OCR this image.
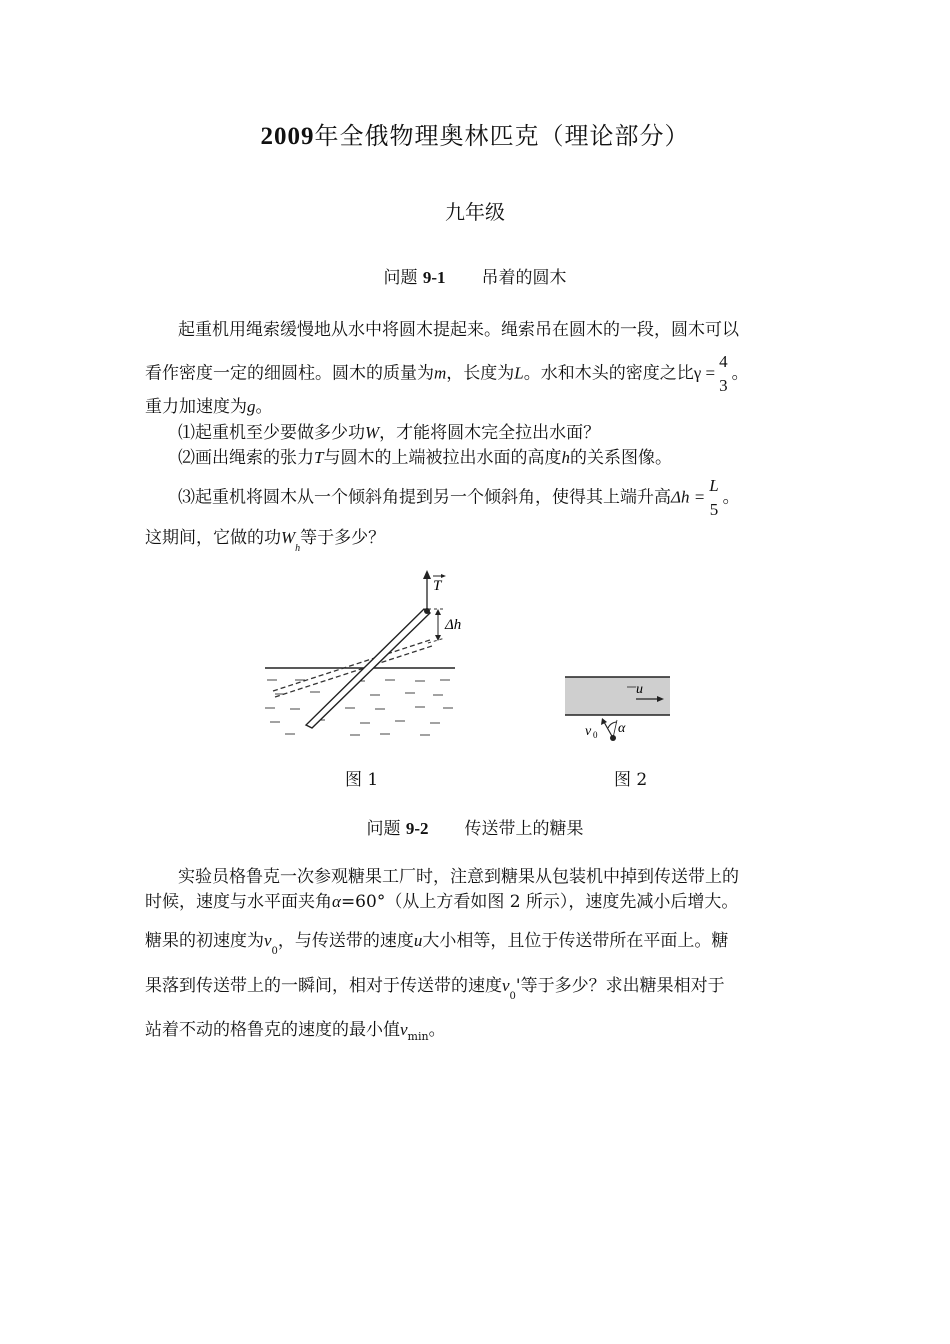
2009年全俄物理奥林匹克（理论部分）
九年级
问题 9-1 吊着的圆木
起重机用绳索缓慢地从水中将圆木提起来。绳索吊在圆木的一段，圆木可以
看作密度一定的细圆柱。圆木的质量为m，长度为L。水和木头的密度之比γ =
4
3
。
重力加速度为g。
⑴起重机至少要做多少功W，才能将圆木完全拉出水面？
⑵画出绳索的张力T与圆木的上端被拉出水面的高度h的关系图像。
⑶起重机将圆木从一个倾斜角提到另一个倾斜角，使得其上端升高Δh =
L
5
。
这期间，它做的功$W_h$等于多少？
T
Δh
u
v 0 α
图 1	图 2
问题 9-2 传送带上的糖果
实验员格鲁克一次参观糖果工厂时，注意到糖果从包装机中掉到传送带上的
时候，速度与水平面夹角α=60°（从上方看如图 2 所示），速度先减小后增大。
糖果的初速度为$v_0$，与传送带的速度u大小相等，且位于传送带所在平面上。糖
果落到传送带上的一瞬间，相对于传送带的速度$v_0'$等于多少？求出糖果相对于
站着不动的格鲁克的速度的最小值$v_{min}$。
